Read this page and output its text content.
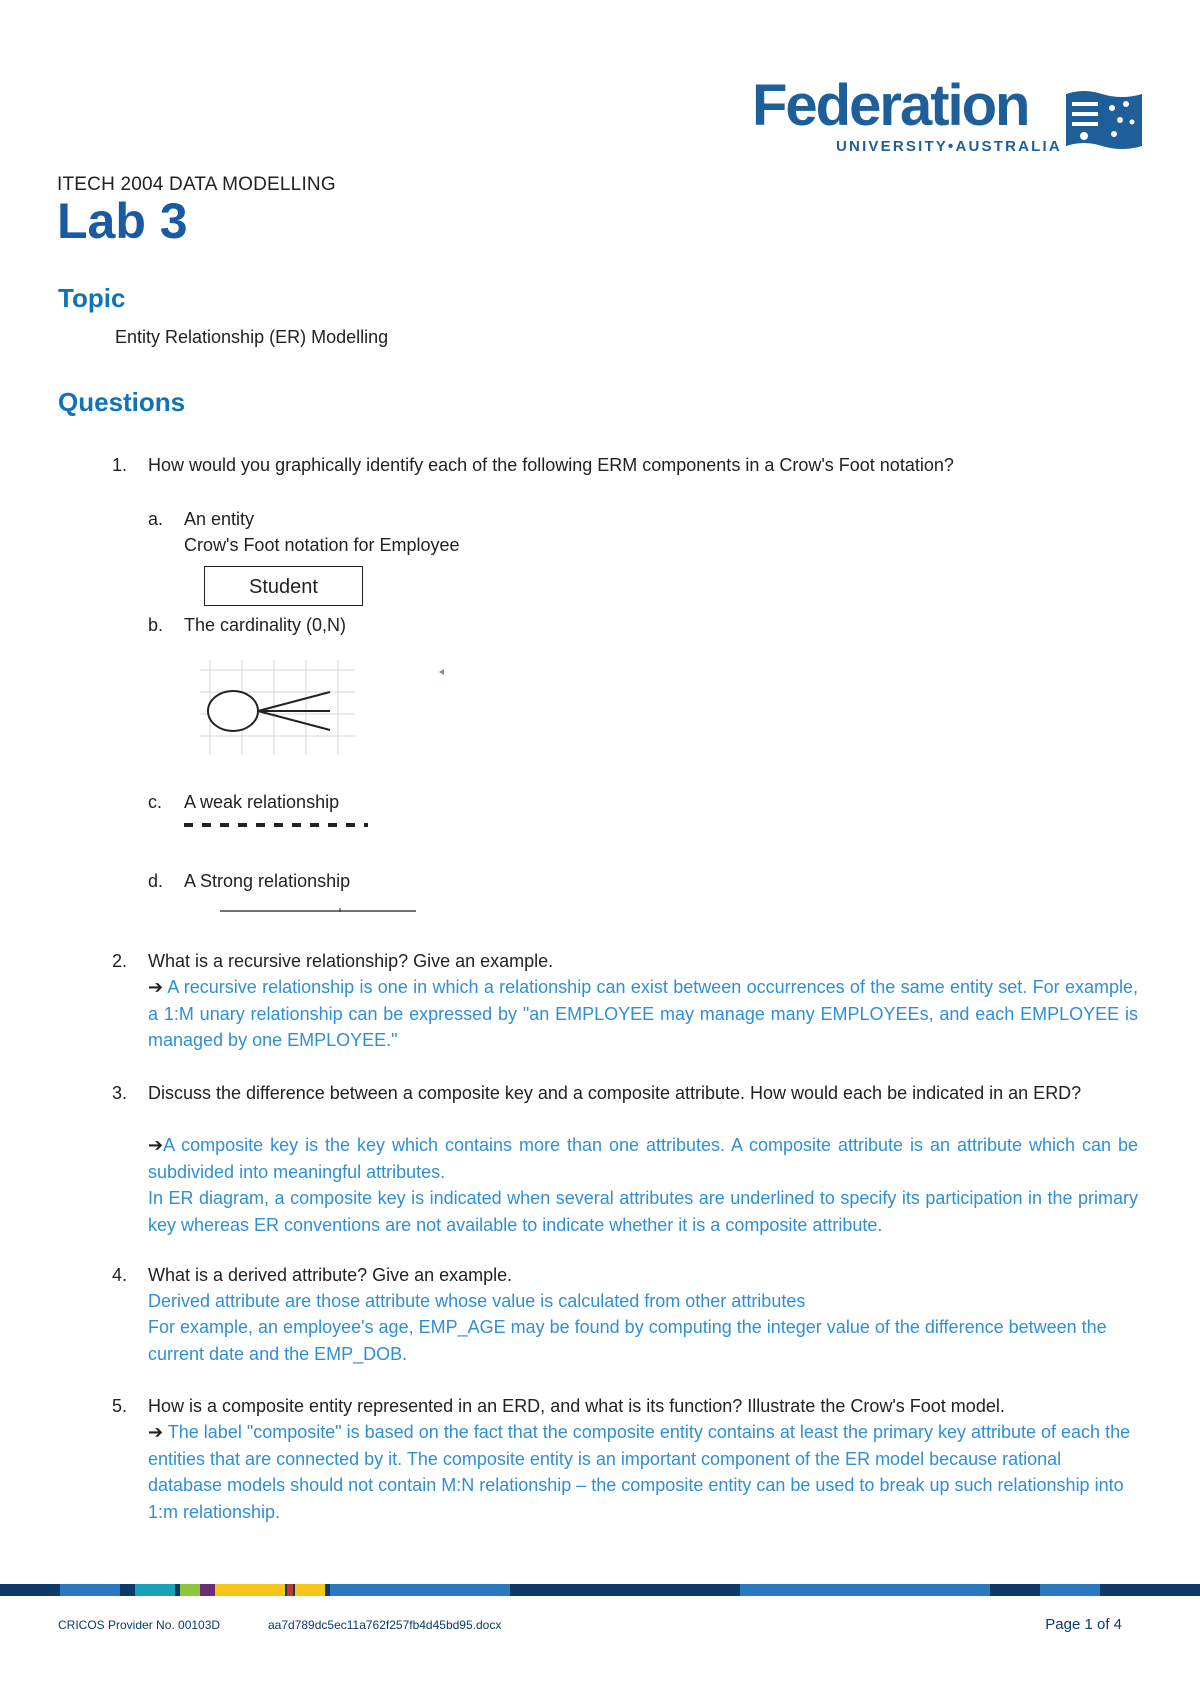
Federation
UNIVERSITY•AUSTRALIA
ITECH 2004 DATA MODELLING
Lab 3
Topic
Entity Relationship (ER) Modelling
Questions
1. How would you graphically identify each of the following ERM components in a Crow's Foot notation?
a. An entity
Crow's Foot notation for Employee
Student
b. The cardinality (0,N)
c. A weak relationship
d. A Strong relationship
2. What is a recursive relationship? Give an example.
➔ A recursive relationship is one in which a relationship can exist between occurrences of the same entity set. For example, a 1:M unary relationship can be expressed by "an EMPLOYEE may manage many EMPLOYEEs, and each EMPLOYEE is managed by one EMPLOYEE."
3. Discuss the difference between a composite key and a composite attribute. How would each be indicated in an ERD?
➔A composite key is the key which contains more than one attributes. A composite attribute is an attribute which can be subdivided into meaningful attributes.
In ER diagram, a composite key is indicated when several attributes are underlined to specify its participation in the primary key whereas ER conventions are not available to indicate whether it is a composite attribute.
4. What is a derived attribute? Give an example.
Derived attribute are those attribute whose value is calculated from other attributes
For example, an employee's age, EMP_AGE may be found by computing the integer value of the difference between the current date and the EMP_DOB.
5. How is a composite entity represented in an ERD, and what is its function? Illustrate the Crow's Foot model.
➔ The label "composite" is based on the fact that the composite entity contains at least the primary key attribute of each the entities that are connected by it. The composite entity is an important component of the ER model because rational database models should not contain M:N relationship – the composite entity can be used to break up such relationship into 1:m relationship.
CRICOS Provider No. 00103D	aa7d789dc5ec11a762f257fb4d45bd95.docx	Page 1 of 4
